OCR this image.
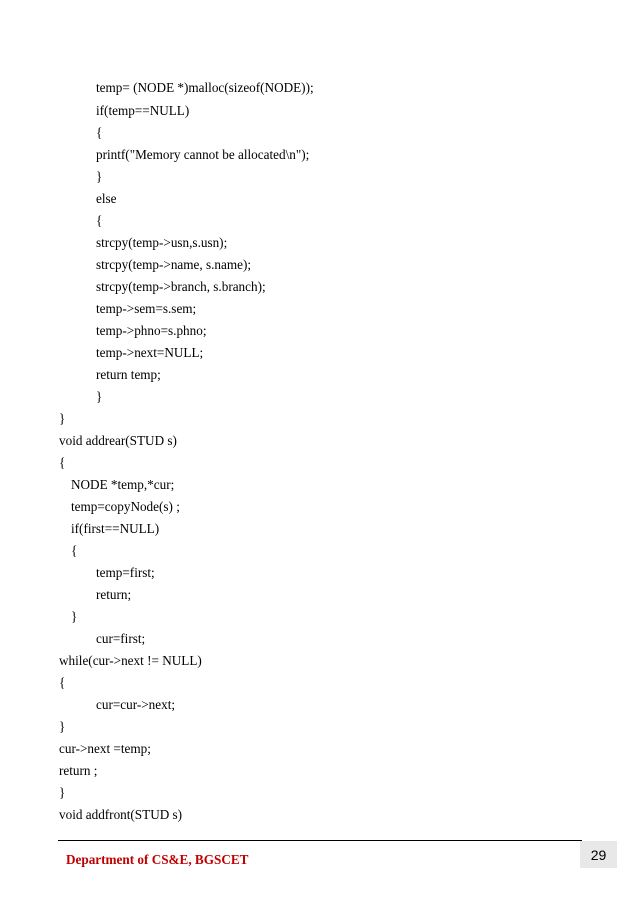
temp= (NODE *)malloc(sizeof(NODE));
if(temp==NULL)
{
printf("Memory cannot be allocated\n");
}
else
{
strcpy(temp->usn,s.usn);
strcpy(temp->name, s.name);
strcpy(temp->branch, s.branch);
temp->sem=s.sem;
temp->phno=s.phno;
temp->next=NULL;
return temp;
}
}
void addrear(STUD s)
{
NODE *temp,*cur;
temp=copyNode(s) ;
if(first==NULL)
{
temp=first;
return;
}
cur=first;
while(cur->next != NULL)
{
cur=cur->next;
}
cur->next =temp;
return ;
}
void addfront(STUD s)
Department of CS&E, BGSCET	29
